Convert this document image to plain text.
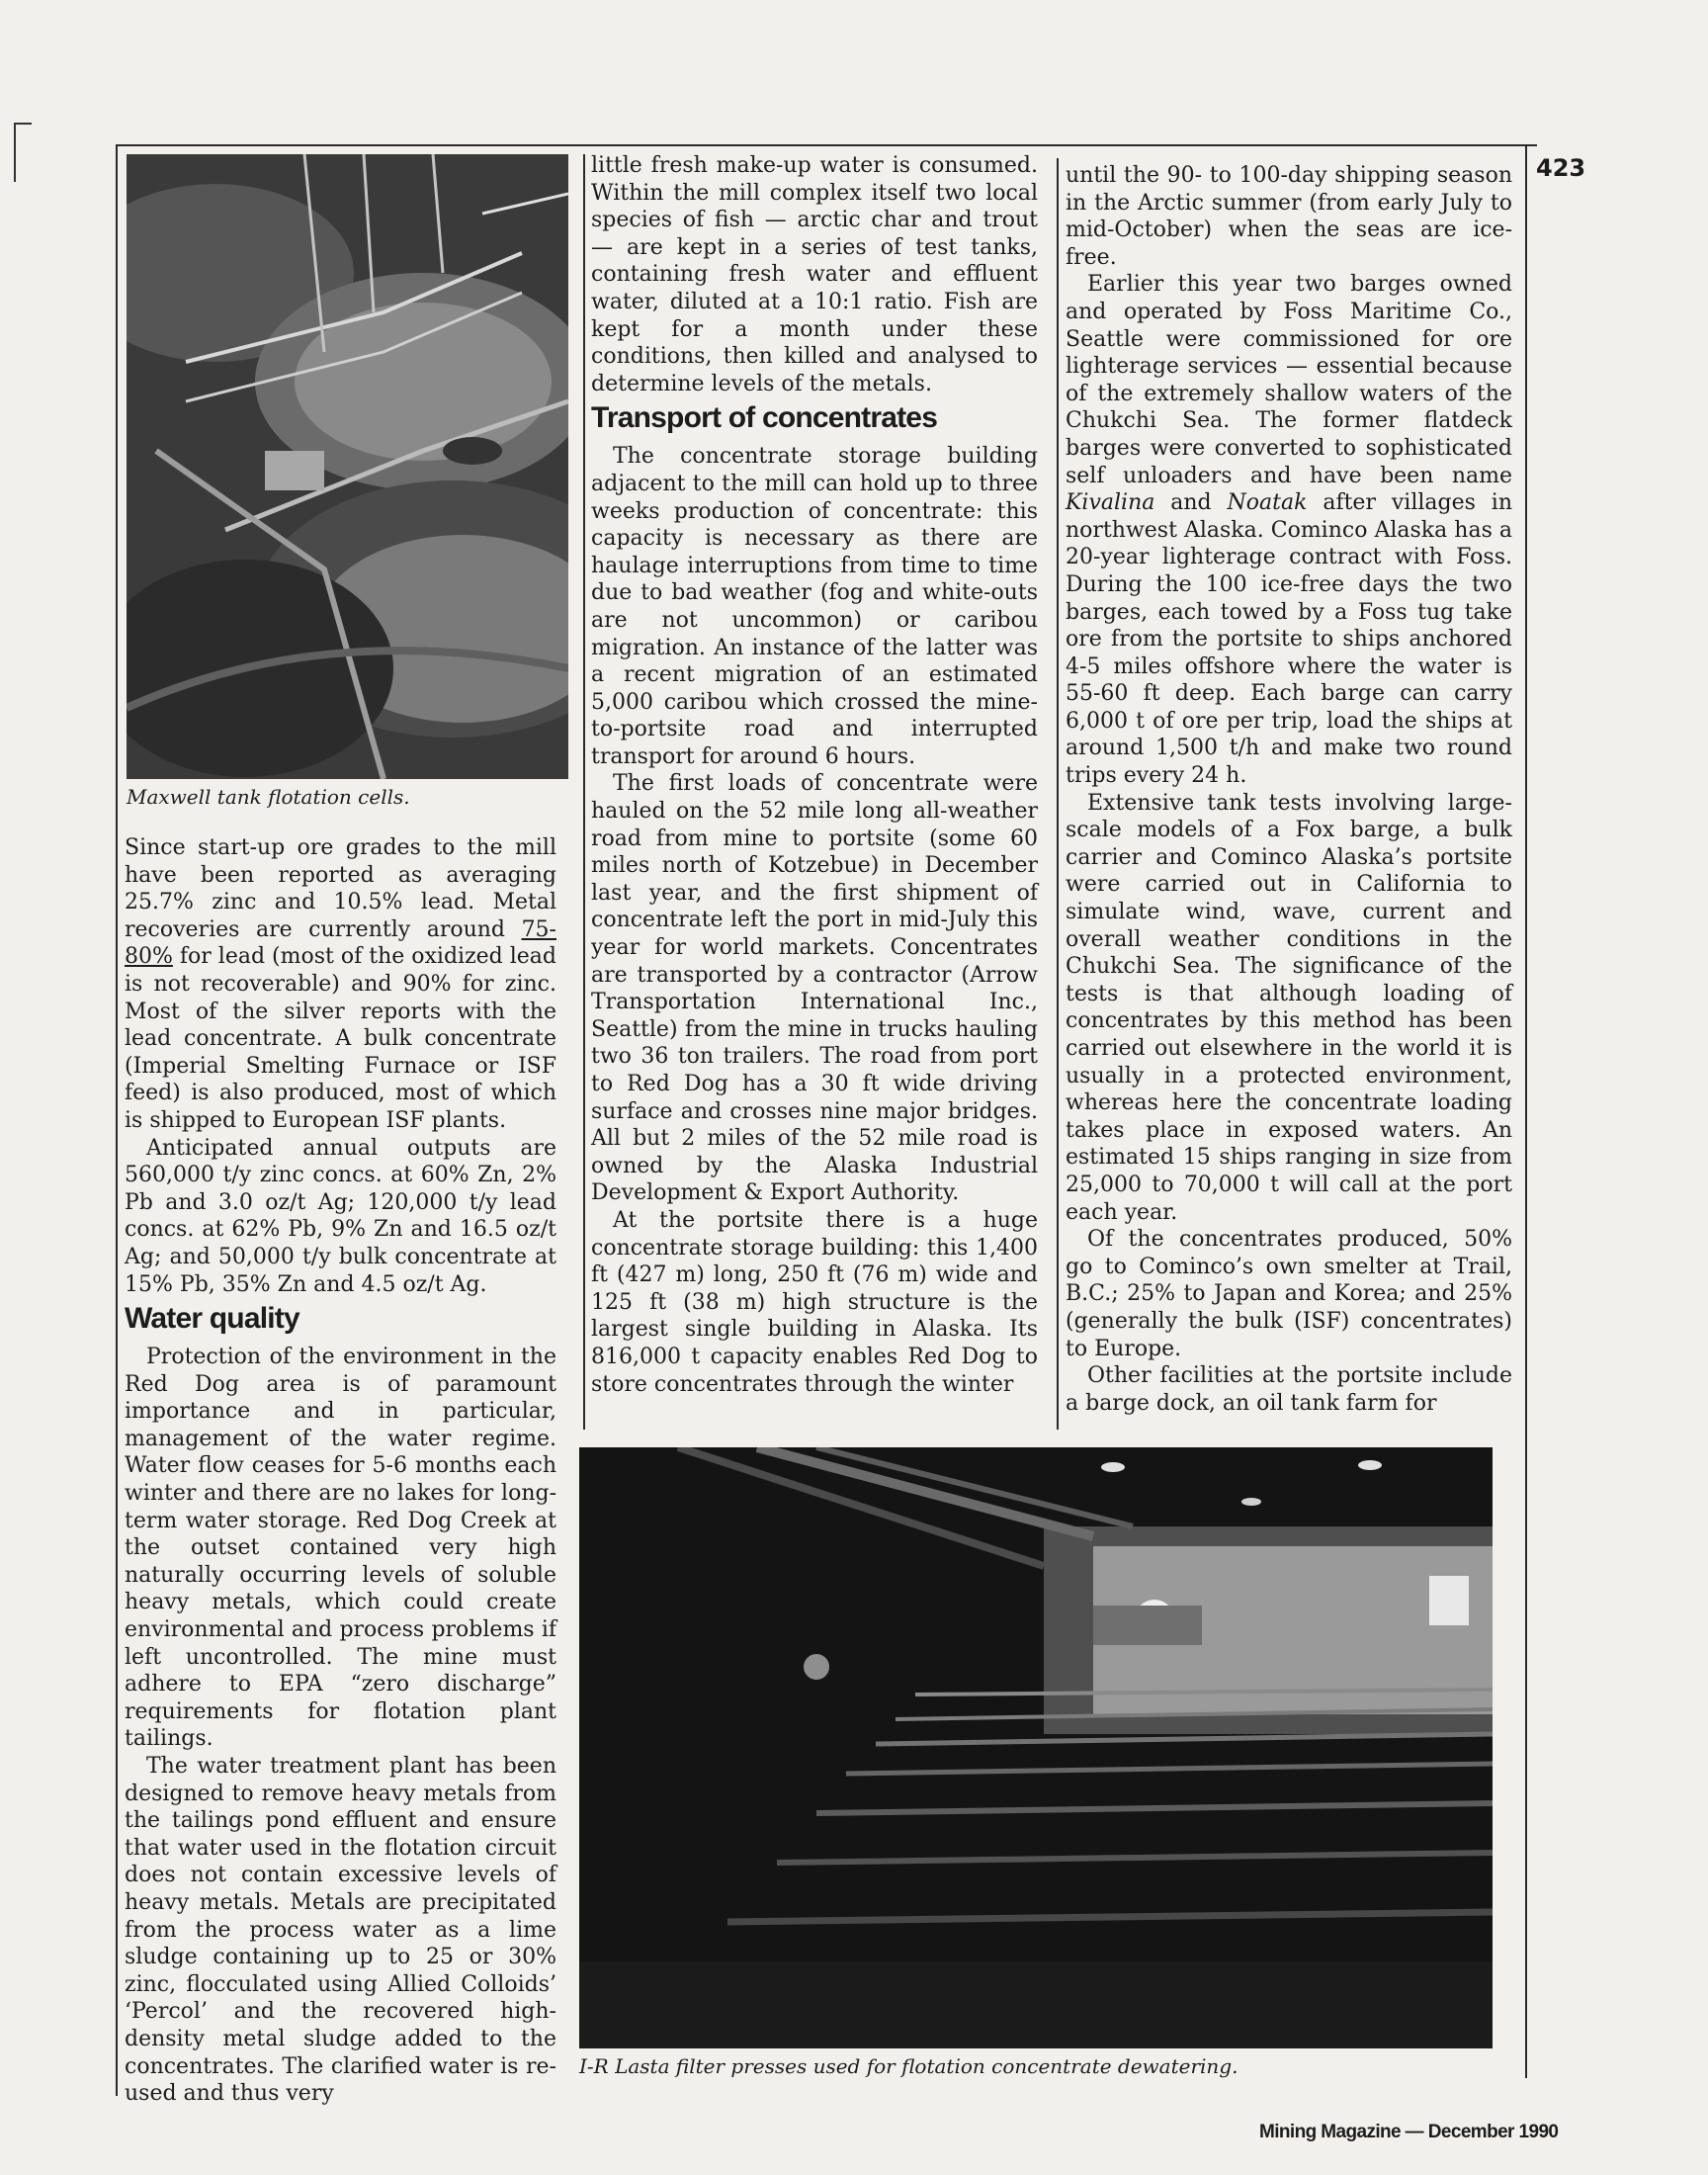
423
Maxwell tank flotation cells.

Since start-up ore grades to the mill have been reported as averaging 25.7% zinc and 10.5% lead. Metal recoveries are currently around 75-80% for lead (most of the oxidized lead is not recoverable) and 90% for zinc. Most of the silver reports with the lead concentrate. A bulk concentrate (Imperial Smelting Furnace or ISF feed) is also produced, most of which is shipped to European ISF plants.

Anticipated annual outputs are 560,000 t/y zinc concs. at 60% Zn, 2% Pb and 3.0 oz/t Ag; 120,000 t/y lead concs. at 62% Pb, 9% Zn and 16.5 oz/t Ag; and 50,000 t/y bulk concentrate at 15% Pb, 35% Zn and 4.5 oz/t Ag.

Water quality

Protection of the environment in the Red Dog area is of paramount importance and in particular, management of the water regime. Water flow ceases for 5-6 months each winter and there are no lakes for long-term water storage. Red Dog Creek at the outset contained very high naturally occurring levels of soluble heavy metals, which could create environmental and process problems if left uncontrolled. The mine must adhere to EPA “zero discharge” requirements for flotation plant tailings.

The water treatment plant has been designed to remove heavy metals from the tailings pond effluent and ensure that water used in the flotation circuit does not contain excessive levels of heavy metals. Metals are precipitated from the process water as a lime sludge containing up to 25 or 30% zinc, flocculated using Allied Colloids’ ‘Percol’ and the recovered high-density metal sludge added to the concentrates. The clarified water is re-used and thus very

little fresh make-up water is consumed. Within the mill complex itself two local species of fish — arctic char and trout — are kept in a series of test tanks, containing fresh water and effluent water, diluted at a 10:1 ratio. Fish are kept for a month under these conditions, then killed and analysed to determine levels of the metals.

Transport of concentrates

The concentrate storage building adjacent to the mill can hold up to three weeks production of concentrate: this capacity is necessary as there are haulage interruptions from time to time due to bad weather (fog and white-outs are not uncommon) or caribou migration. An instance of the latter was a recent migration of an estimated 5,000 caribou which crossed the mine-to-portsite road and interrupted transport for around 6 hours.

The first loads of concentrate were hauled on the 52 mile long all-weather road from mine to portsite (some 60 miles north of Kotzebue) in December last year, and the first shipment of concentrate left the port in mid-July this year for world markets. Concentrates are transported by a contractor (Arrow Transportation International Inc., Seattle) from the mine in trucks hauling two 36 ton trailers. The road from port to Red Dog has a 30 ft wide driving surface and crosses nine major bridges. All but 2 miles of the 52 mile road is owned by the Alaska Industrial Development & Export Authority.

At the portsite there is a huge concentrate storage building: this 1,400 ft (427 m) long, 250 ft (76 m) wide and 125 ft (38 m) high structure is the largest single building in Alaska. Its 816,000 t capacity enables Red Dog to store concentrates through the winter

until the 90- to 100-day shipping season in the Arctic summer (from early July to mid-October) when the seas are ice-free.

Earlier this year two barges owned and operated by Foss Maritime Co., Seattle were commissioned for ore lighterage services — essential because of the extremely shallow waters of the Chukchi Sea. The former flatdeck barges were converted to sophisticated self unloaders and have been name Kivalina and Noatak after villages in northwest Alaska. Cominco Alaska has a 20-year lighterage contract with Foss. During the 100 ice-free days the two barges, each towed by a Foss tug take ore from the portsite to ships anchored 4-5 miles offshore where the water is 55-60 ft deep. Each barge can carry 6,000 t of ore per trip, load the ships at around 1,500 t/h and make two round trips every 24 h.

Extensive tank tests involving large-scale models of a Fox barge, a bulk carrier and Cominco Alaska’s portsite were carried out in California to simulate wind, wave, current and overall weather conditions in the Chukchi Sea. The significance of the tests is that although loading of concentrates by this method has been carried out elsewhere in the world it is usually in a protected environment, whereas here the concentrate loading takes place in exposed waters. An estimated 15 ships ranging in size from 25,000 to 70,000 t will call at the port each year.

Of the concentrates produced, 50% go to Cominco’s own smelter at Trail, B.C.; 25% to Japan and Korea; and 25% (generally the bulk (ISF) concentrates) to Europe.

Other facilities at the portsite include a barge dock, an oil tank farm for

I-R Lasta filter presses used for flotation concentrate dewatering.
Mining Magazine — December 1990
